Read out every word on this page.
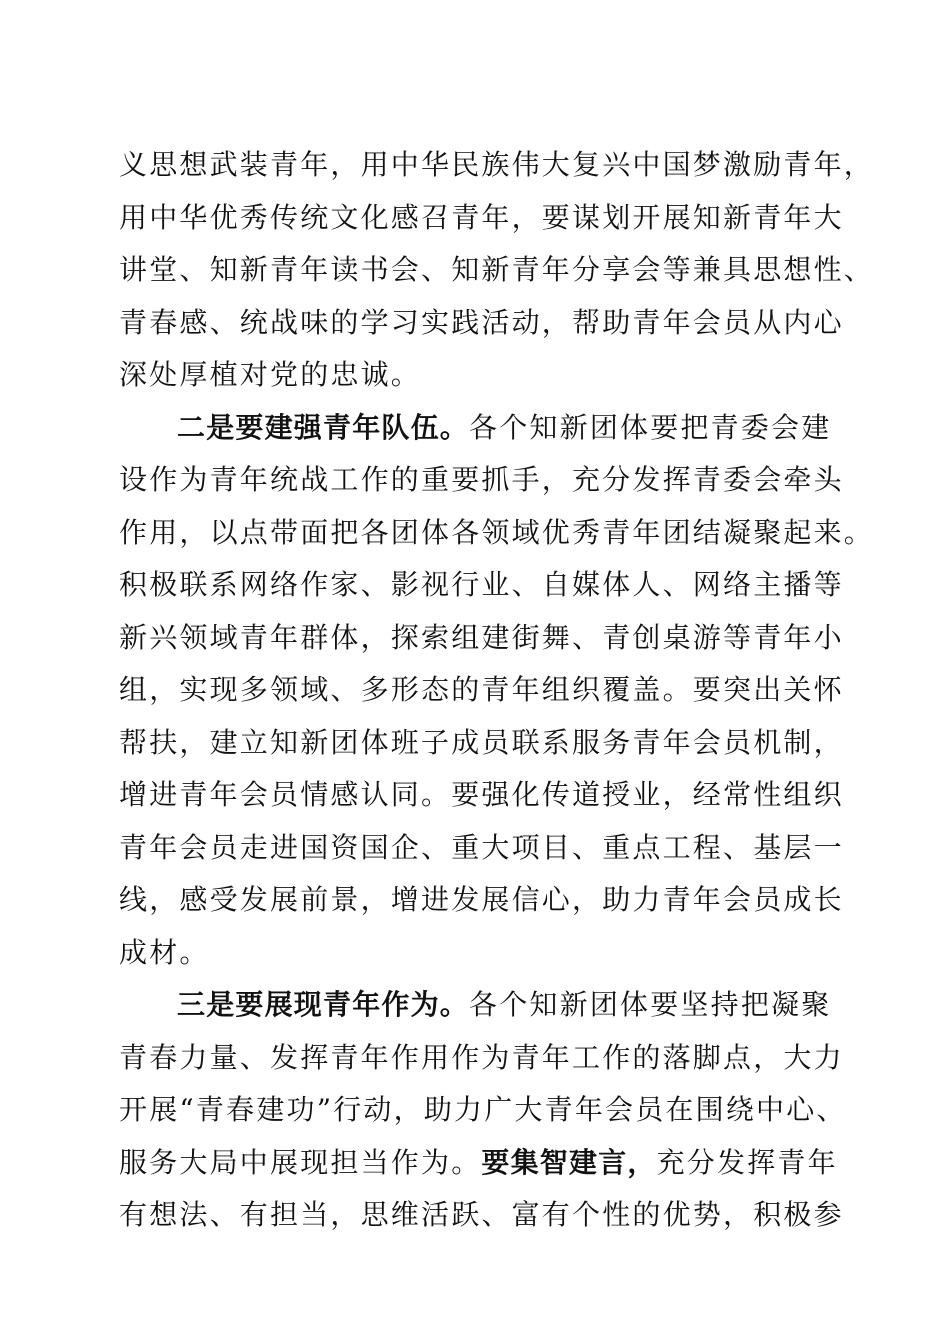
义思想武装青年，用中华民族伟大复兴中国梦激励青年，
用中华优秀传统文化感召青年，要谋划开展知新青年大
讲堂、知新青年读书会、知新青年分享会等兼具思想性、
青春感、统战味的学习实践活动，帮助青年会员从内心
深处厚植对党的忠诚。
二是要建强青年队伍。各个知新团体要把青委会建
设作为青年统战工作的重要抓手，充分发挥青委会牵头
作用，以点带面把各团体各领域优秀青年团结凝聚起来。
积极联系网络作家、影视行业、自媒体人、网络主播等
新兴领域青年群体，探索组建街舞、青创桌游等青年小
组，实现多领域、多形态的青年组织覆盖。要突出关怀
帮扶，建立知新团体班子成员联系服务青年会员机制，
增进青年会员情感认同。要强化传道授业，经常性组织
青年会员走进国资国企、重大项目、重点工程、基层一
线，感受发展前景，增进发展信心，助力青年会员成长
成材。
三是要展现青年作为。各个知新团体要坚持把凝聚
青春力量、发挥青年作用作为青年工作的落脚点，大力
开展“青春建功”行动，助力广大青年会员在围绕中心、
服务大局中展现担当作为。要集智建言，充分发挥青年
有想法、有担当，思维活跃、富有个性的优势，积极参
